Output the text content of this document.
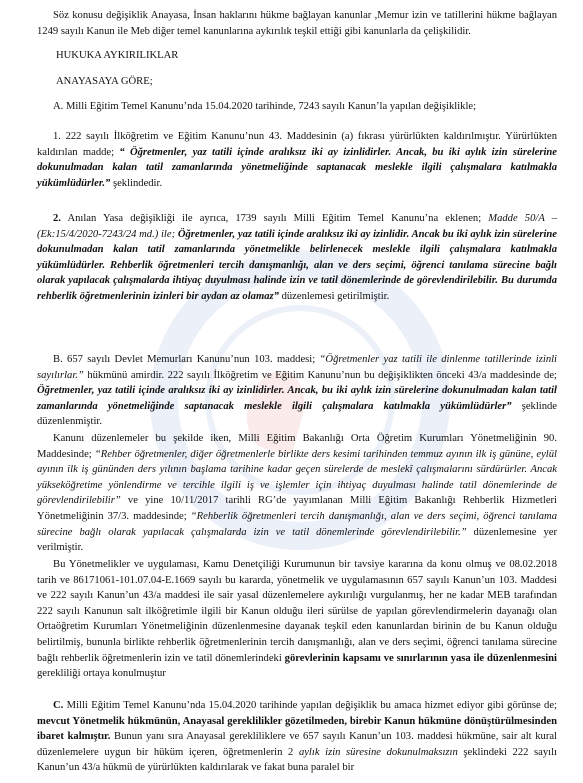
Söz konusu değişiklik Anayasa, İnsan haklarını hükme bağlayan kanunlar ,Memur izin ve tatillerini hükme bağlayan 1249 sayılı Kanun ile Meb diğer temel kanunlarına aykırılık teşkil ettiği gibi kanunlarla da çelişkilidir.

HUKUKA AYKIRILIKLAR

ANAYASAYA GÖRE;

A. Milli Eğitim Temel Kanunu’nda 15.04.2020 tarihinde, 7243 sayılı Kanun’la yapılan değişiklikle;

1. 222 sayılı İlköğretim ve Eğitim Kanunu’nun 43. Maddesinin (a) fıkrası yürürlükten kaldırılmıştır. Yürürlükten kaldırılan madde; “ Öğretmenler, yaz tatili içinde aralıksız iki ay izinlidirler. Ancak, bu iki aylık izin sürelerine dokunulmadan kalan tatil zamanlarında yönetmeliğinde saptanacak meslekle ilgili çalışmalara katılmakla yükümlüdürler.” şeklindedir.

2. Anılan Yasa değişikliği ile ayrıca, 1739 sayılı Milli Eğitim Temel Kanunu’na eklenen; Madde 50/A – (Ek:15/4/2020-7243/24 md.) ile; Öğretmenler, yaz tatili içinde aralıksız iki ay izinlidir. Ancak bu iki aylık izin sürelerine dokunulmadan kalan tatil zamanlarında yönetmelikle belirlenecek meslekle ilgili çalışmalara katılmakla yükümlüdürler. Rehberlik öğretmenleri tercih danışmanlığı, alan ve ders seçimi, öğrenci tanılama sürecine bağlı olarak yapılacak çalışmalarda ihtiyaç duyulması halinde izin ve tatil dönemlerinde de görevlendirilebilir. Bu durumda rehberlik öğretmenlerinin izinleri bir aydan az olamaz” düzenlemesi getirilmiştir.

B. 657 sayılı Devlet Memurları Kanunu’nun 103. maddesi; “Öğretmenler yaz tatili ile dinlenme tatillerinde izinli sayılırlar.” hükmünü amirdir. 222 sayılı İlköğretim ve Eğitim Kanunu’nun bu değişiklikten önceki 43/a maddesinde de; Öğretmenler, yaz tatili içinde aralıksız iki ay izinlidirler. Ancak, bu iki aylık izin sürelerine dokunulmadan kalan tatil zamanlarında yönetmeliğinde saptanacak meslekle ilgili çalışmalara katılmakla yükümlüdürler” şeklinde düzenlenmiştir.

Kanunı düzenlemeler bu şekilde iken, Milli Eğitim Bakanlığı Orta Öğretim Kurumları Yönetmeliğinin 90. Maddesinde; “Rehber öğretmenler, diğer öğretmenlerle birlikte ders kesimi tarihinden temmuz ayının ilk iş gününe, eylül ayının ilk iş gününden ders yılının başlama tarihine kadar geçen sürelerde de meslekî çalışmalarını sürdürürler. Ancak yükseköğretime yönlendirme ve tercihle ilgili iş ve işlemler için ihtiyaç duyulması halinde tatil dönemlerinde de görevlendirilebilir” ve yine 10/11/2017 tarihli RG’de yayımlanan Milli Eğitim Bakanlığı Rehberlik Hizmetleri Yönetmeliğinin 37/3. maddesinde; “Rehberlik öğretmenleri tercih danışmanlığı, alan ve ders seçimi, öğrenci tanılama sürecine bağlı olarak yapılacak çalışmalarda izin ve tatil dönemlerinde görevlendirilebilir.” düzenlemesine yer verilmiştir.

Bu Yönetmelikler ve uygulaması, Kamu Denetçiliği Kurumunun bir tavsiye kararına da konu olmuş ve 08.02.2018 tarih ve 86171061-101.07.04-E.1669 sayılı bu kararda, yönetmelik ve uygulamasının 657 sayılı Kanun’un 103. Maddesi ve 222 sayılı Kanun’un 43/a maddesi ile sair yasal düzenlemelere aykırılığı vurgulanmış, her ne kadar MEB tarafından 222 sayılı Kanunun salt ilköğretimle ilgili bir Kanun olduğu ileri sürülse de yapılan görevlendirmelerin dayanağı olan Ortaöğretim Kurumları Yönetmeliğinin düzenlenmesine dayanak teşkil eden kanunlardan birinin de bu Kanun olduğu belirtilmiş, bununla birlikte rehberlik öğretmenlerinin tercih danışmanlığı, alan ve ders seçimi, öğrenci tanılama sürecine bağlı rehberlik öğretmenlerin izin ve tatil dönemlerindeki görevlerinin kapsamı ve sınırlarının yasa ile düzenlenmesini gerekliliği ortaya konulmuştur

C. Milli Eğitim Temel Kanunu’nda 15.04.2020 tarihinde yapılan değişiklik bu amaca hizmet ediyor gibi görünse de; mevcut Yönetmelik hükmünün, Anayasal gereklilikler gözetilmeden, birebir Kanun hükmüne dönüştürülmesinden ibaret kalmıştır. Bunun yanı sıra Anayasal gerekliliklere ve 657 sayılı Kanun’un 103. maddesi hükmüne, sair alt kural düzenlemelere uygun bir hüküm içeren, öğretmenlerin 2 aylık izin süresine dokunulmaksızın şeklindeki 222 sayılı Kanun’un 43/a hükmü de yürürlükten kaldırılarak ve fakat buna paralel bir
